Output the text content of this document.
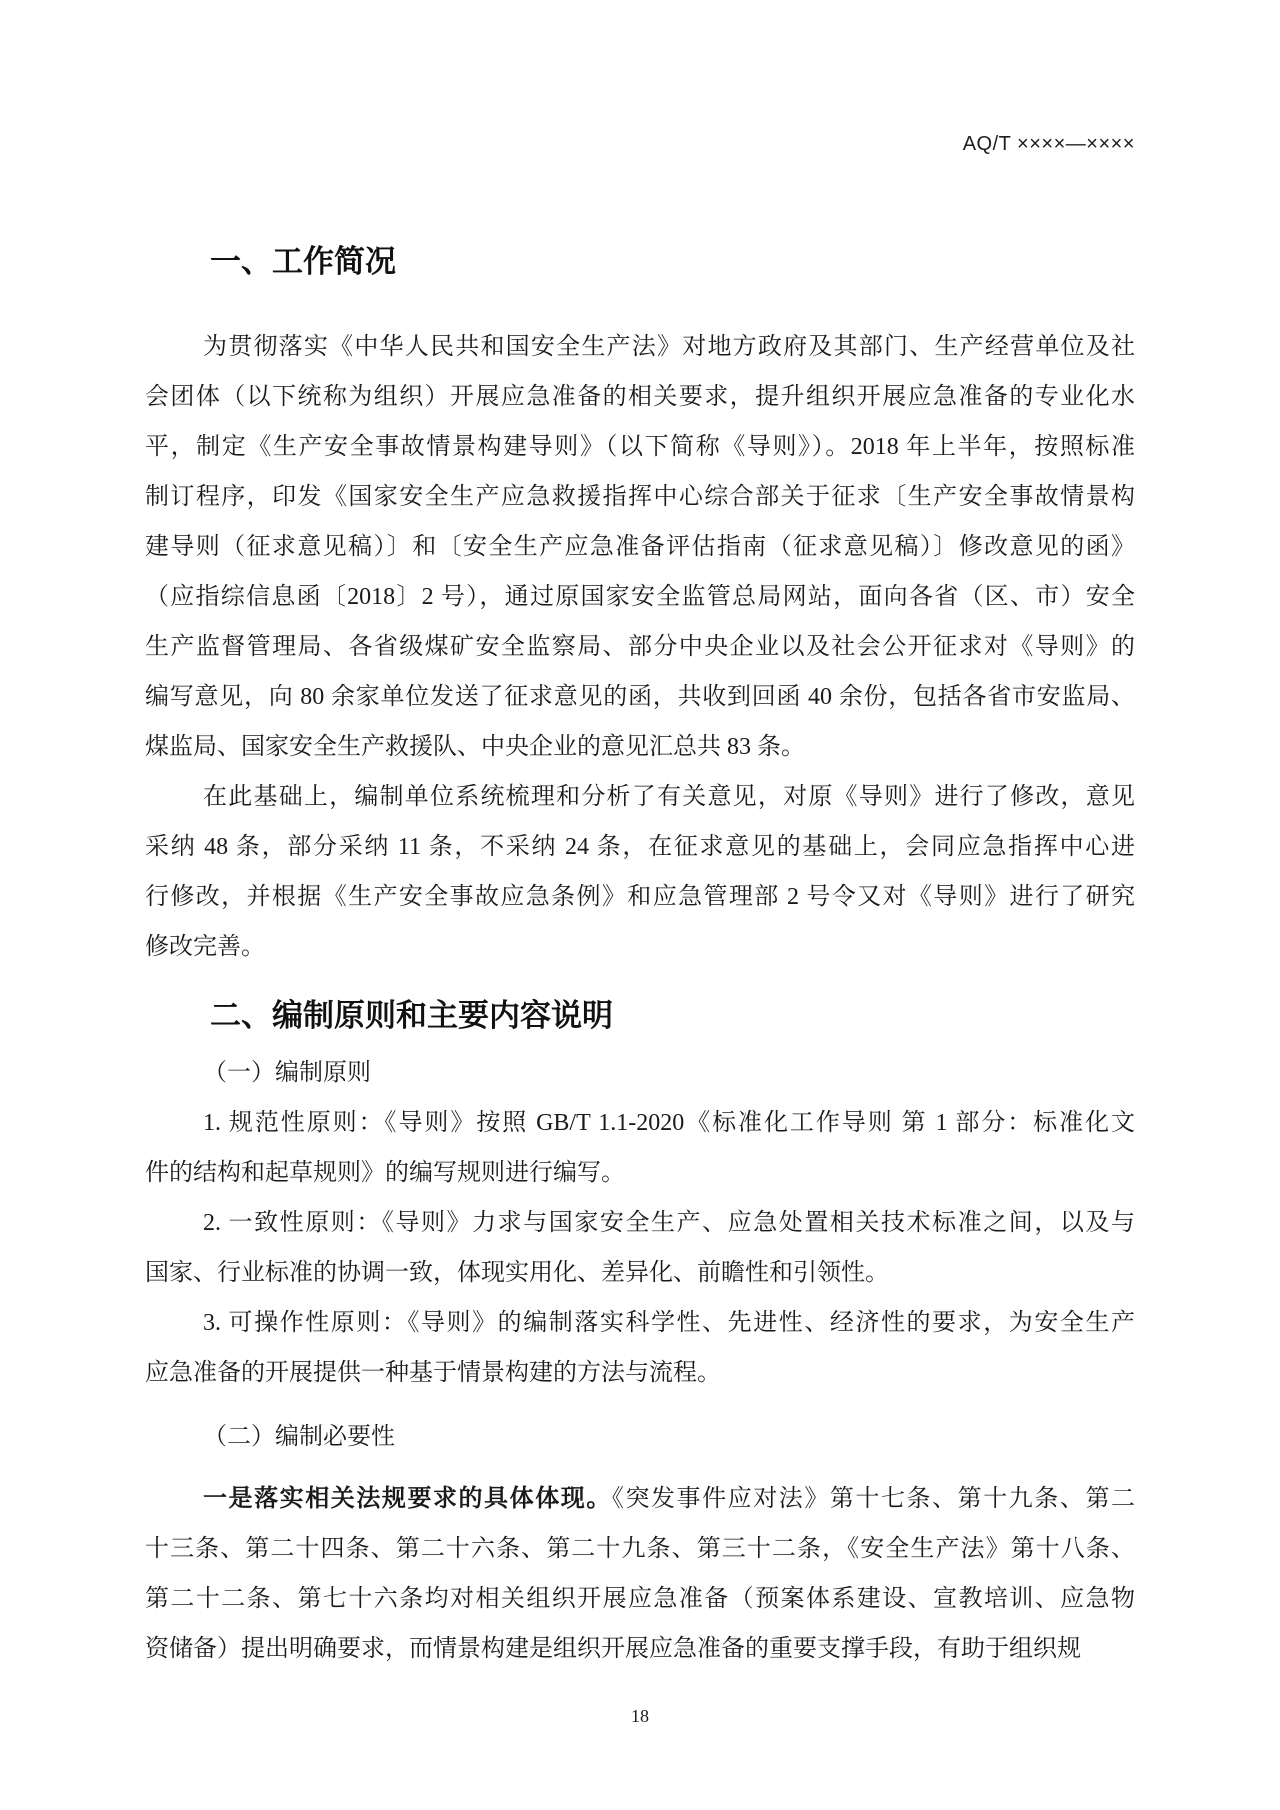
AQ/T ××××—××××
一、工作简况
为贯彻落实《中华人民共和国安全生产法》对地方政府及其部门、生产经营单位及社
会团体（以下统称为组织）开展应急准备的相关要求，提升组织开展应急准备的专业化水
平，制定《生产安全事故情景构建导则》（以下简称《导则》）。2018 年上半年，按照标准
制订程序，印发《国家安全生产应急救援指挥中心综合部关于征求〔生产安全事故情景构
建导则（征求意见稿）〕和〔安全生产应急准备评估指南（征求意见稿）〕修改意见的函》
（应指综信息函〔2018〕2 号），通过原国家安全监管总局网站，面向各省（区、市）安全
生产监督管理局、各省级煤矿安全监察局、部分中央企业以及社会公开征求对《导则》的
编写意见，向 80 余家单位发送了征求意见的函，共收到回函 40 余份，包括各省市安监局、
煤监局、国家安全生产救援队、中央企业的意见汇总共 83 条。
在此基础上，编制单位系统梳理和分析了有关意见，对原《导则》进行了修改，意见
采纳 48 条，部分采纳 11 条，不采纳 24 条，在征求意见的基础上，会同应急指挥中心进
行修改，并根据《生产安全事故应急条例》和应急管理部 2 号令又对《导则》进行了研究
修改完善。
二、编制原则和主要内容说明
（一）编制原则
1. 规范性原则：《导则》按照 GB/T 1.1-2020《标准化工作导则 第 1 部分：标准化文
件的结构和起草规则》的编写规则进行编写。
2. 一致性原则：《导则》力求与国家安全生产、应急处置相关技术标准之间，以及与
国家、行业标准的协调一致，体现实用化、差异化、前瞻性和引领性。
3. 可操作性原则：《导则》的编制落实科学性、先进性、经济性的要求，为安全生产
应急准备的开展提供一种基于情景构建的方法与流程。
（二）编制必要性
一是落实相关法规要求的具体体现。《突发事件应对法》第十七条、第十九条、第二
十三条、第二十四条、第二十六条、第二十九条、第三十二条，《安全生产法》第十八条、
第二十二条、第七十六条均对相关组织开展应急准备（预案体系建设、宣教培训、应急物
资储备）提出明确要求，而情景构建是组织开展应急准备的重要支撑手段，有助于组织规
18
